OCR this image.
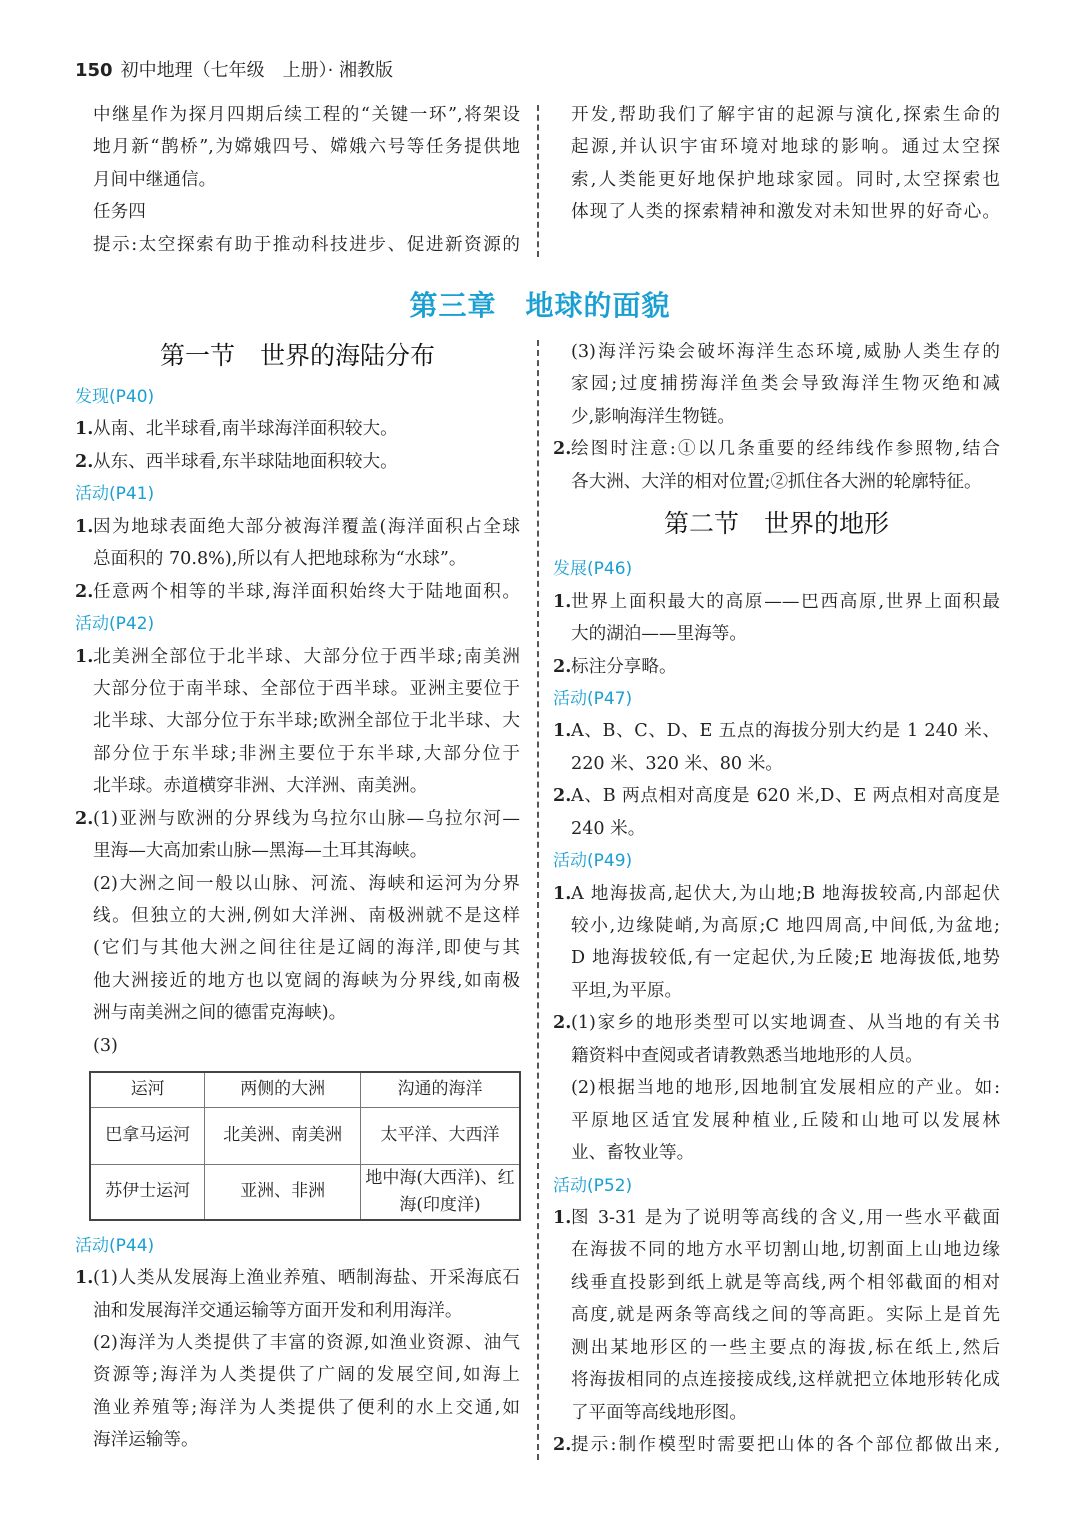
150 初中地理（七年级　上册）· 湘教版
中继星作为探月四期后续工程的“关键一环”,将架设
地月新“鹊桥”,为嫦娥四号、嫦娥六号等任务提供地
月间中继通信。
任务四
提示:太空探索有助于推动科技进步、促进新资源的
开发,帮助我们了解宇宙的起源与演化,探索生命的
起源,并认识宇宙环境对地球的影响。通过太空探
索,人类能更好地保护地球家园。同时,太空探索也
体现了人类的探索精神和激发对未知世界的好奇心。
第三章　地球的面貌
第一节　世界的海陆分布
发现(P40)
1. 从南、北半球看,南半球海洋面积较大。
2. 从东、西半球看,东半球陆地面积较大。
活动(P41)
1. 因为地球表面绝大部分被海洋覆盖(海洋面积占全球
总面积的 70.8%),所以有人把地球称为“水球”。
2. 任意两个相等的半球,海洋面积始终大于陆地面积。
活动(P42)
1. 北美洲全部位于北半球、大部分位于西半球;南美洲
大部分位于南半球、全部位于西半球。亚洲主要位于
北半球、大部分位于东半球;欧洲全部位于北半球、大
部分位于东半球;非洲主要位于东半球,大部分位于
北半球。赤道横穿非洲、大洋洲、南美洲。
2. (1)亚洲与欧洲的分界线为乌拉尔山脉—乌拉尔河—
里海—大高加索山脉—黑海—土耳其海峡。
(2)大洲之间一般以山脉、河流、海峡和运河为分界
线。但独立的大洲,例如大洋洲、南极洲就不是这样
(它们与其他大洲之间往往是辽阔的海洋,即使与其
他大洲接近的地方也以宽阔的海峡为分界线,如南极
洲与南美洲之间的德雷克海峡)。
(3)
运河	两侧的大洲	沟通的海洋
巴拿马运河	北美洲、南美洲	太平洋、大西洋
苏伊士运河	亚洲、非洲	地中海(大西洋)、红海(印度洋)
活动(P44)
1. (1)人类从发展海上渔业养殖、晒制海盐、开采海底石
油和发展海洋交通运输等方面开发和利用海洋。
(2)海洋为人类提供了丰富的资源,如渔业资源、油气
资源等;海洋为人类提供了广阔的发展空间,如海上
渔业养殖等;海洋为人类提供了便利的水上交通,如
海洋运输等。
(3)海洋污染会破坏海洋生态环境,威胁人类生存的
家园;过度捕捞海洋鱼类会导致海洋生物灭绝和减
少,影响海洋生物链。
2. 绘图时注意:①以几条重要的经纬线作参照物,结合
各大洲、大洋的相对位置;②抓住各大洲的轮廓特征。
第二节　世界的地形
发展(P46)
1. 世界上面积最大的高原——巴西高原,世界上面积最
大的湖泊——里海等。
2. 标注分享略。
活动(P47)
1. A、B、C、D、E 五点的海拔分别大约是 1 240 米、
220 米、320 米、80 米。
2. A、B 两点相对高度是 620 米,D、E 两点相对高度是
240 米。
活动(P49)
1. A 地海拔高,起伏大,为山地;B 地海拔较高,内部起伏
较小,边缘陡峭,为高原;C 地四周高,中间低,为盆地;
D 地海拔较低,有一定起伏,为丘陵;E 地海拔低,地势
平坦,为平原。
2. (1)家乡的地形类型可以实地调查、从当地的有关书
籍资料中查阅或者请教熟悉当地地形的人员。
(2)根据当地的地形,因地制宜发展相应的产业。如:
平原地区适宜发展种植业,丘陵和山地可以发展林
业、畜牧业等。
活动(P52)
1. 图 3-31 是为了说明等高线的含义,用一些水平截面
在海拔不同的地方水平切割山地,切割面上山地边缘
线垂直投影到纸上就是等高线,两个相邻截面的相对
高度,就是两条等高线之间的等高距。实际上是首先
测出某地形区的一些主要点的海拔,标在纸上,然后
将海拔相同的点连接接成线,这样就把立体地形转化成
了平面等高线地形图。
2. 提示:制作模型时需要把山体的各个部位都做出来,
